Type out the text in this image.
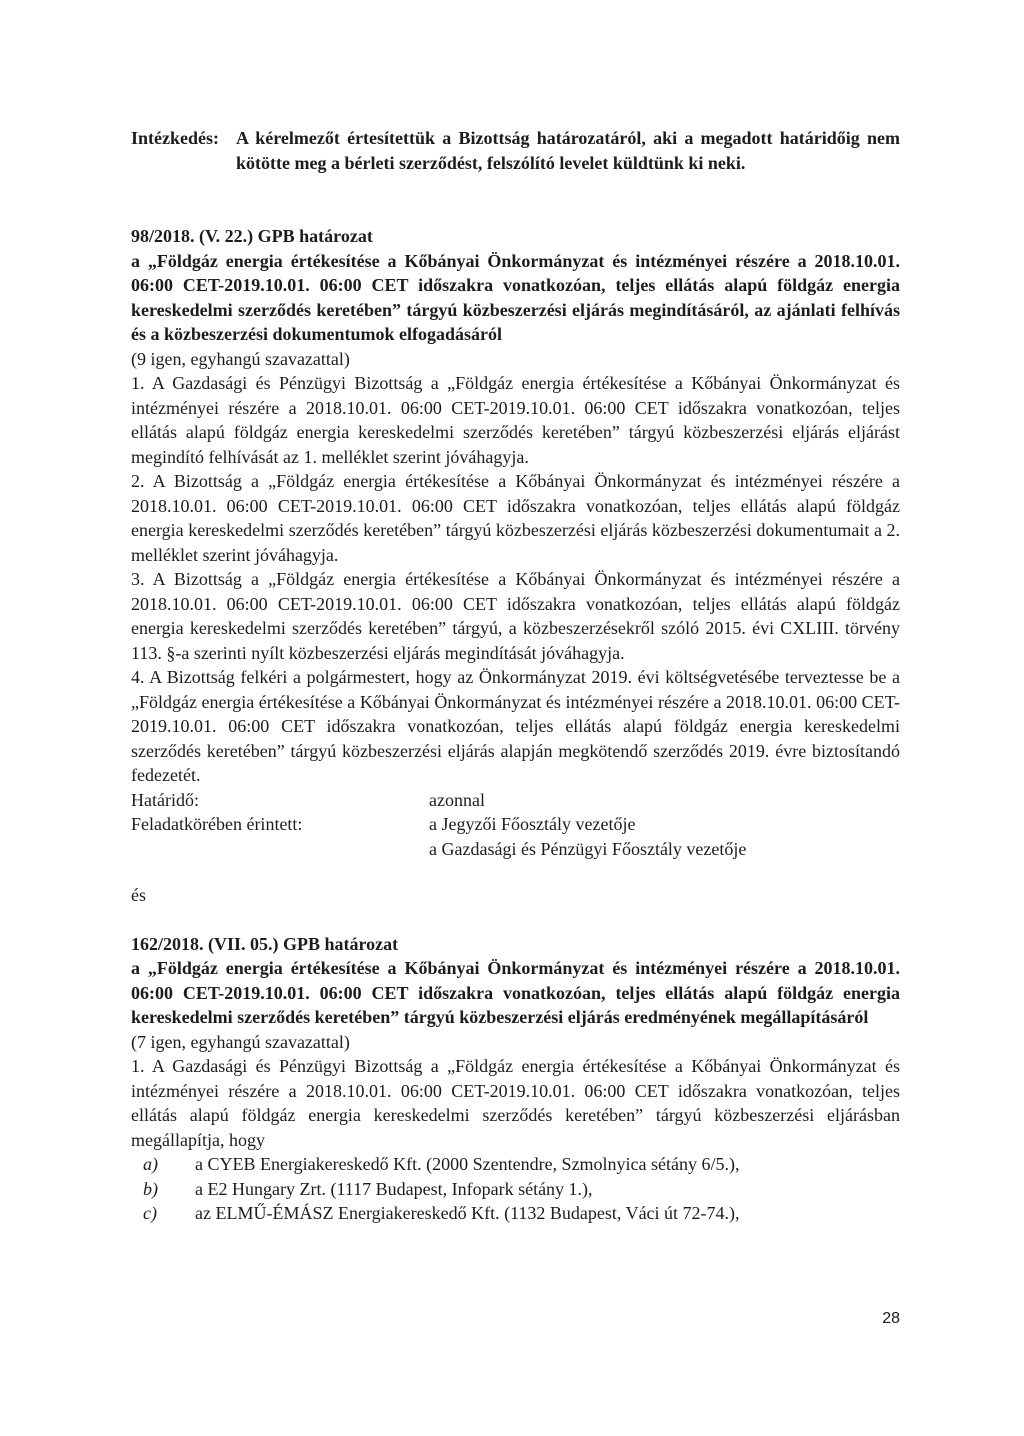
Intézkedés: A kérelmezőt értesítettük a Bizottság határozatáról, aki a megadott határidőig nem kötötte meg a bérleti szerződést, felszólító levelet küldtünk ki neki.
98/2018. (V. 22.) GPB határozat
a „Földgáz energia értékesítése a Kőbányai Önkormányzat és intézményei részére a 2018.10.01. 06:00 CET-2019.10.01. 06:00 CET időszakra vonatkozóan, teljes ellátás alapú földgáz energia kereskedelmi szerződés keretében” tárgyú közbeszerzési eljárás megindításáról, az ajánlati felhívás és a közbeszerzési dokumentumok elfogadásáról
(9 igen, egyhangú szavazattal)
1. A Gazdasági és Pénzügyi Bizottság a „Földgáz energia értékesítése a Kőbányai Önkormányzat és intézményei részére a 2018.10.01. 06:00 CET-2019.10.01. 06:00 CET időszakra vonatkozóan, teljes ellátás alapú földgáz energia kereskedelmi szerződés keretében” tárgyú közbeszerzési eljárás eljárást megindító felhívását az 1. melléklet szerint jóváhagyja.
2. A Bizottság a „Földgáz energia értékesítése a Kőbányai Önkormányzat és intézményei részére a 2018.10.01. 06:00 CET-2019.10.01. 06:00 CET időszakra vonatkozóan, teljes ellátás alapú földgáz energia kereskedelmi szerződés keretében” tárgyú közbeszerzési eljárás közbeszerzési dokumentumait a 2. melléklet szerint jóváhagyja.
3. A Bizottság a „Földgáz energia értékesítése a Kőbányai Önkormányzat és intézményei részére a 2018.10.01. 06:00 CET-2019.10.01. 06:00 CET időszakra vonatkozóan, teljes ellátás alapú földgáz energia kereskedelmi szerződés keretében” tárgyú, a közbeszerzésekről szóló 2015. évi CXLIII. törvény 113. §-a szerinti nyílt közbeszerzési eljárás megindítását jóváhagyja.
4. A Bizottság felkéri a polgármestert, hogy az Önkormányzat 2019. évi költségvetésébe terveztesse be a „Földgáz energia értékesítése a Kőbányai Önkormányzat és intézményei részére a 2018.10.01. 06:00 CET-2019.10.01. 06:00 CET időszakra vonatkozóan, teljes ellátás alapú földgáz energia kereskedelmi szerződés keretében” tárgyú közbeszerzési eljárás alapján megkötendő szerződés 2019. évre biztosítandó fedezetét.
Határidő:	azonnal
Feladatkörében érintett:	a Jegyzői Főosztály vezetője
a Gazdasági és Pénzügyi Főosztály vezetője
és
162/2018. (VII. 05.) GPB határozat
a „Földgáz energia értékesítése a Kőbányai Önkormányzat és intézményei részére a 2018.10.01. 06:00 CET-2019.10.01. 06:00 CET időszakra vonatkozóan, teljes ellátás alapú földgáz energia kereskedelmi szerződés keretében” tárgyú közbeszerzési eljárás eredményének megállapításáról
(7 igen, egyhangú szavazattal)
1. A Gazdasági és Pénzügyi Bizottság a „Földgáz energia értékesítése a Kőbányai Önkormányzat és intézményei részére a 2018.10.01. 06:00 CET-2019.10.01. 06:00 CET időszakra vonatkozóan, teljes ellátás alapú földgáz energia kereskedelmi szerződés keretében” tárgyú közbeszerzési eljárásban megállapítja, hogy
a)	a CYEB Energiakereskedő Kft. (2000 Szentendre, Szmolnyica sétány 6/5.),
b)	a E2 Hungary Zrt. (1117 Budapest, Infopark sétány 1.),
c)	az ELMŰ-ÉMÁSZ Energiakereskedő Kft. (1132 Budapest, Váci út 72-74.),
28
